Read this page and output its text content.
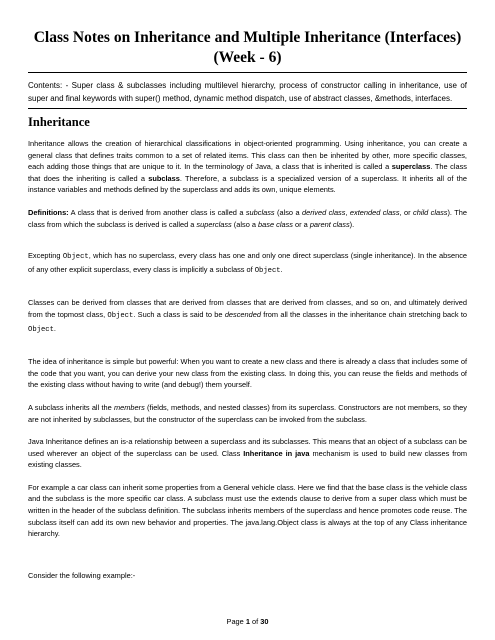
Class Notes on Inheritance and Multiple Inheritance (Interfaces)
(Week - 6)
Contents: - Super class & subclasses including multilevel hierarchy, process of constructor calling in inheritance, use of super and final keywords with super() method, dynamic method dispatch, use of abstract classes, &methods, interfaces.
Inheritance

Inheritance allows the creation of hierarchical classifications in object-oriented programming. Using inheritance, you can create a general class that defines traits common to a set of related items. This class can then be inherited by other, more specific classes, each adding those things that are unique to it. In the terminology of Java, a class that is inherited is called a superclass. The class that does the inheriting is called a subclass. Therefore, a subclass is a specialized version of a superclass. It inherits all of the instance variables and methods defined by the superclass and adds its own, unique elements.

Definitions: A class that is derived from another class is called a subclass (also a derived class, extended class, or child class). The class from which the subclass is derived is called a superclass (also a base class or a parent class).

Excepting Object, which has no superclass, every class has one and only one direct superclass (single inheritance). In the absence of any other explicit superclass, every class is implicitly a subclass of Object.

Classes can be derived from classes that are derived from classes that are derived from classes, and so on, and ultimately derived from the topmost class, Object. Such a class is said to be descended from all the classes in the inheritance chain stretching back to Object.

The idea of inheritance is simple but powerful: When you want to create a new class and there is already a class that includes some of the code that you want, you can derive your new class from the existing class. In doing this, you can reuse the fields and methods of the existing class without having to write (and debug!) them yourself.

A subclass inherits all the members (fields, methods, and nested classes) from its superclass. Constructors are not members, so they are not inherited by subclasses, but the constructor of the superclass can be invoked from the subclass.

Java Inheritance defines an is-a relationship between a superclass and its subclasses. This means that an object of a subclass can be used wherever an object of the superclass can be used. Class Inheritance in java mechanism is used to build new classes from existing classes.

For example a car class can inherit some properties from a General vehicle class. Here we find that the base class is the vehicle class and the subclass is the more specific car class. A subclass must use the extends clause to derive from a super class which must be written in the header of the subclass definition. The subclass inherits members of the superclass and hence promotes code reuse. The subclass itself can add its own new behavior and properties. The java.lang.Object class is always at the top of any Class inheritance hierarchy.

Consider the following example:-

Page 1 of 30
